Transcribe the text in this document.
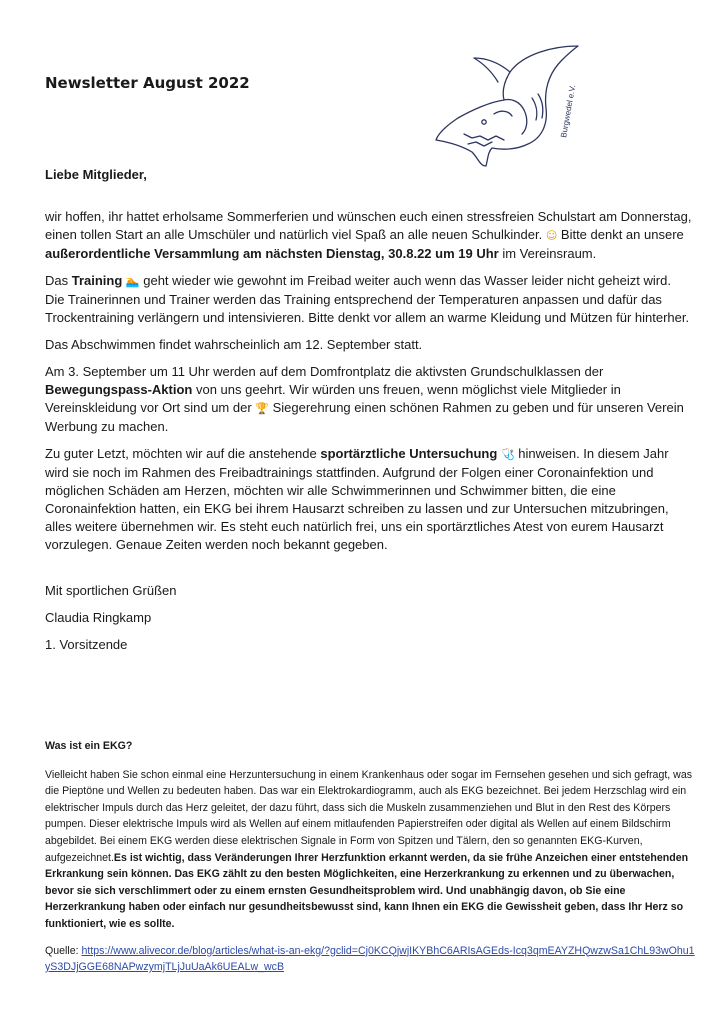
Newsletter August 2022
Burgwedel e.V.

Liebe Mitglieder,

wir hoffen, ihr hattet erholsame Sommerferien und wünschen euch einen stressfreien Schulstart am Donnerstag, einen tollen Start an alle Umschüler und natürlich viel Spaß an alle neuen Schulkinder. ☺ Bitte denkt an unsere außerordentliche Versammlung am nächsten Dienstag, 30.8.22 um 19 Uhr im Vereinsraum.

Das Training 🏊 geht wieder wie gewohnt im Freibad weiter auch wenn das Wasser leider nicht geheizt wird. Die Trainerinnen und Trainer werden das Training entsprechend der Temperaturen anpassen und dafür das Trockentraining verlängern und intensivieren. Bitte denkt vor allem an warme Kleidung und Mützen für hinterher.

Das Abschwimmen findet wahrscheinlich am 12. September statt.

Am 3. September um 11 Uhr werden auf dem Domfrontplatz die aktivsten Grundschulklassen der Bewegungspass-Aktion von uns geehrt. Wir würden uns freuen, wenn möglichst viele Mitglieder in Vereinskleidung vor Ort sind um der 🏆 Siegerehrung einen schönen Rahmen zu geben und für unseren Verein Werbung zu machen.

Zu guter Letzt, möchten wir auf die anstehende sportärztliche Untersuchung 🩺 hinweisen. In diesem Jahr wird sie noch im Rahmen des Freibadtrainings stattfinden. Aufgrund der Folgen einer Coronainfektion und möglichen Schäden am Herzen, möchten wir alle Schwimmerinnen und Schwimmer bitten, die eine Coronainfektion hatten, ein EKG bei ihrem Hausarzt schreiben zu lassen und zur Untersuchen mitzubringen, alles weitere übernehmen wir. Es steht euch natürlich frei, uns ein sportärztliches Atest von eurem Hausarzt vorzulegen. Genaue Zeiten werden noch bekannt gegeben.

Mit sportlichen Grüßen

Claudia Ringkamp

1. Vorsitzende

Was ist ein EKG?

Vielleicht haben Sie schon einmal eine Herzuntersuchung in einem Krankenhaus oder sogar im Fernsehen gesehen und sich gefragt, was die Pieptöne und Wellen zu bedeuten haben. Das war ein Elektrokardiogramm, auch als EKG bezeichnet. Bei jedem Herzschlag wird ein elektrischer Impuls durch das Herz geleitet, der dazu führt, dass sich die Muskeln zusammenziehen und Blut in den Rest des Körpers pumpen. Dieser elektrische Impuls wird als Wellen auf einem mitlaufenden Papierstreifen oder digital als Wellen auf einem Bildschirm abgebildet. Bei einem EKG werden diese elektrischen Signale in Form von Spitzen und Tälern, den so genannten EKG-Kurven, aufgezeichnet.Es ist wichtig, dass Veränderungen Ihrer Herzfunktion erkannt werden, da sie frühe Anzeichen einer entstehenden Erkrankung sein können. Das EKG zählt zu den besten Möglichkeiten, eine Herzerkrankung zu erkennen und zu überwachen, bevor sie sich verschlimmert oder zu einem ernsten Gesundheitsproblem wird. Und unabhängig davon, ob Sie eine Herzerkrankung haben oder einfach nur gesundheitsbewusst sind, kann Ihnen ein EKG die Gewissheit geben, dass Ihr Herz so funktioniert, wie es sollte.

Quelle: https://www.alivecor.de/blog/articles/what-is-an-ekg/?gclid=Cj0KCQjwjIKYBhC6ARIsAGEds-Icq3qmEAYZHQwzwSa1ChL93wOhu1yS3DJjGGE68NAPwzymjTLjJuUaAk6UEALw_wcB
